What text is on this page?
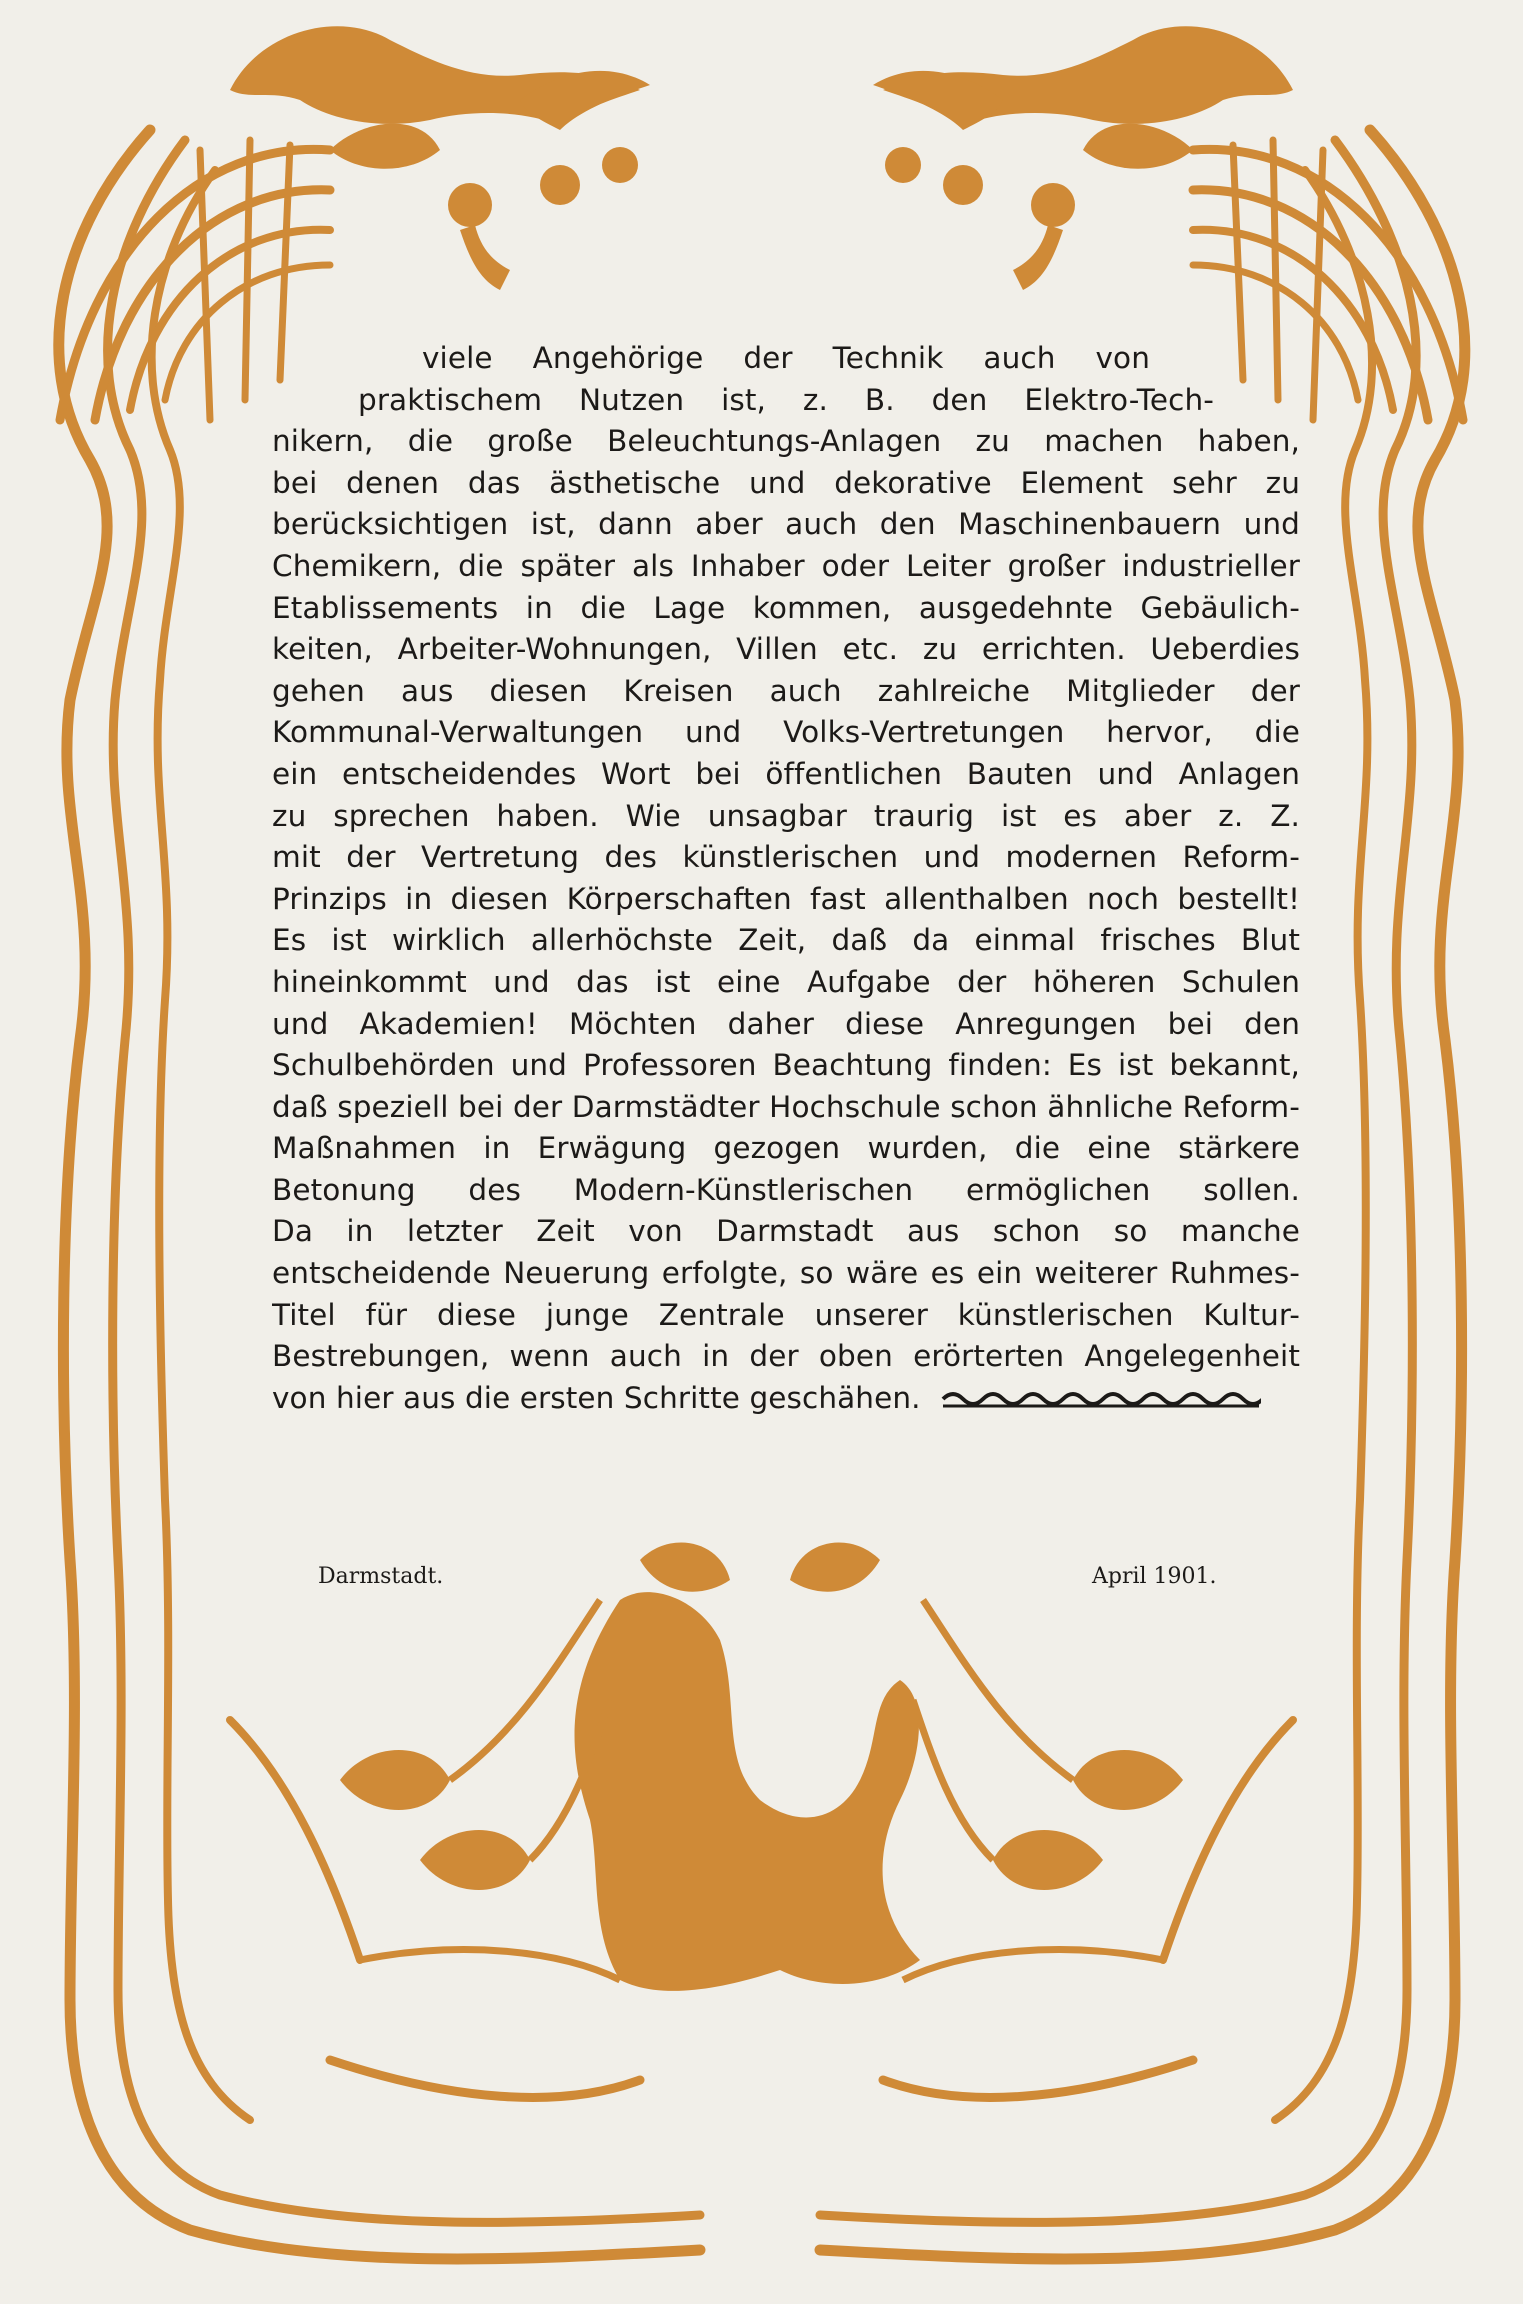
viele Angehörige der Technik auch von
praktischem Nutzen ist, z. B. den Elektro-Tech-
nikern, die große Beleuchtungs-Anlagen zu machen haben,
bei denen das ästhetische und dekorative Element sehr zu
berücksichtigen ist, dann aber auch den Maschinenbauern und
Chemikern, die später als Inhaber oder Leiter großer industrieller
Etablissements in die Lage kommen, ausgedehnte Gebäulich-
keiten, Arbeiter-Wohnungen, Villen etc. zu errichten. Ueberdies
gehen aus diesen Kreisen auch zahlreiche Mitglieder der
Kommunal-Verwaltungen und Volks-Vertretungen hervor, die
ein entscheidendes Wort bei öffentlichen Bauten und Anlagen
zu sprechen haben. Wie unsagbar traurig ist es aber z. Z.
mit der Vertretung des künstlerischen und modernen Reform-
Prinzips in diesen Körperschaften fast allenthalben noch bestellt!
Es ist wirklich allerhöchste Zeit, daß da einmal frisches Blut
hineinkommt und das ist eine Aufgabe der höheren Schulen
und Akademien! Möchten daher diese Anregungen bei den
Schulbehörden und Professoren Beachtung finden: Es ist bekannt,
daß speziell bei der Darmstädter Hochschule schon ähnliche Reform-
Maßnahmen in Erwägung gezogen wurden, die eine stärkere
Betonung des Modern-Künstlerischen ermöglichen sollen.
Da in letzter Zeit von Darmstadt aus schon so manche
entscheidende Neuerung erfolgte, so wäre es ein weiterer Ruhmes-
Titel für diese junge Zentrale unserer künstlerischen Kultur-
Bestrebungen, wenn auch in der oben erörterten Angelegenheit
von hier aus die ersten Schritte geschähen.
Darmstadt.	April 1901.
